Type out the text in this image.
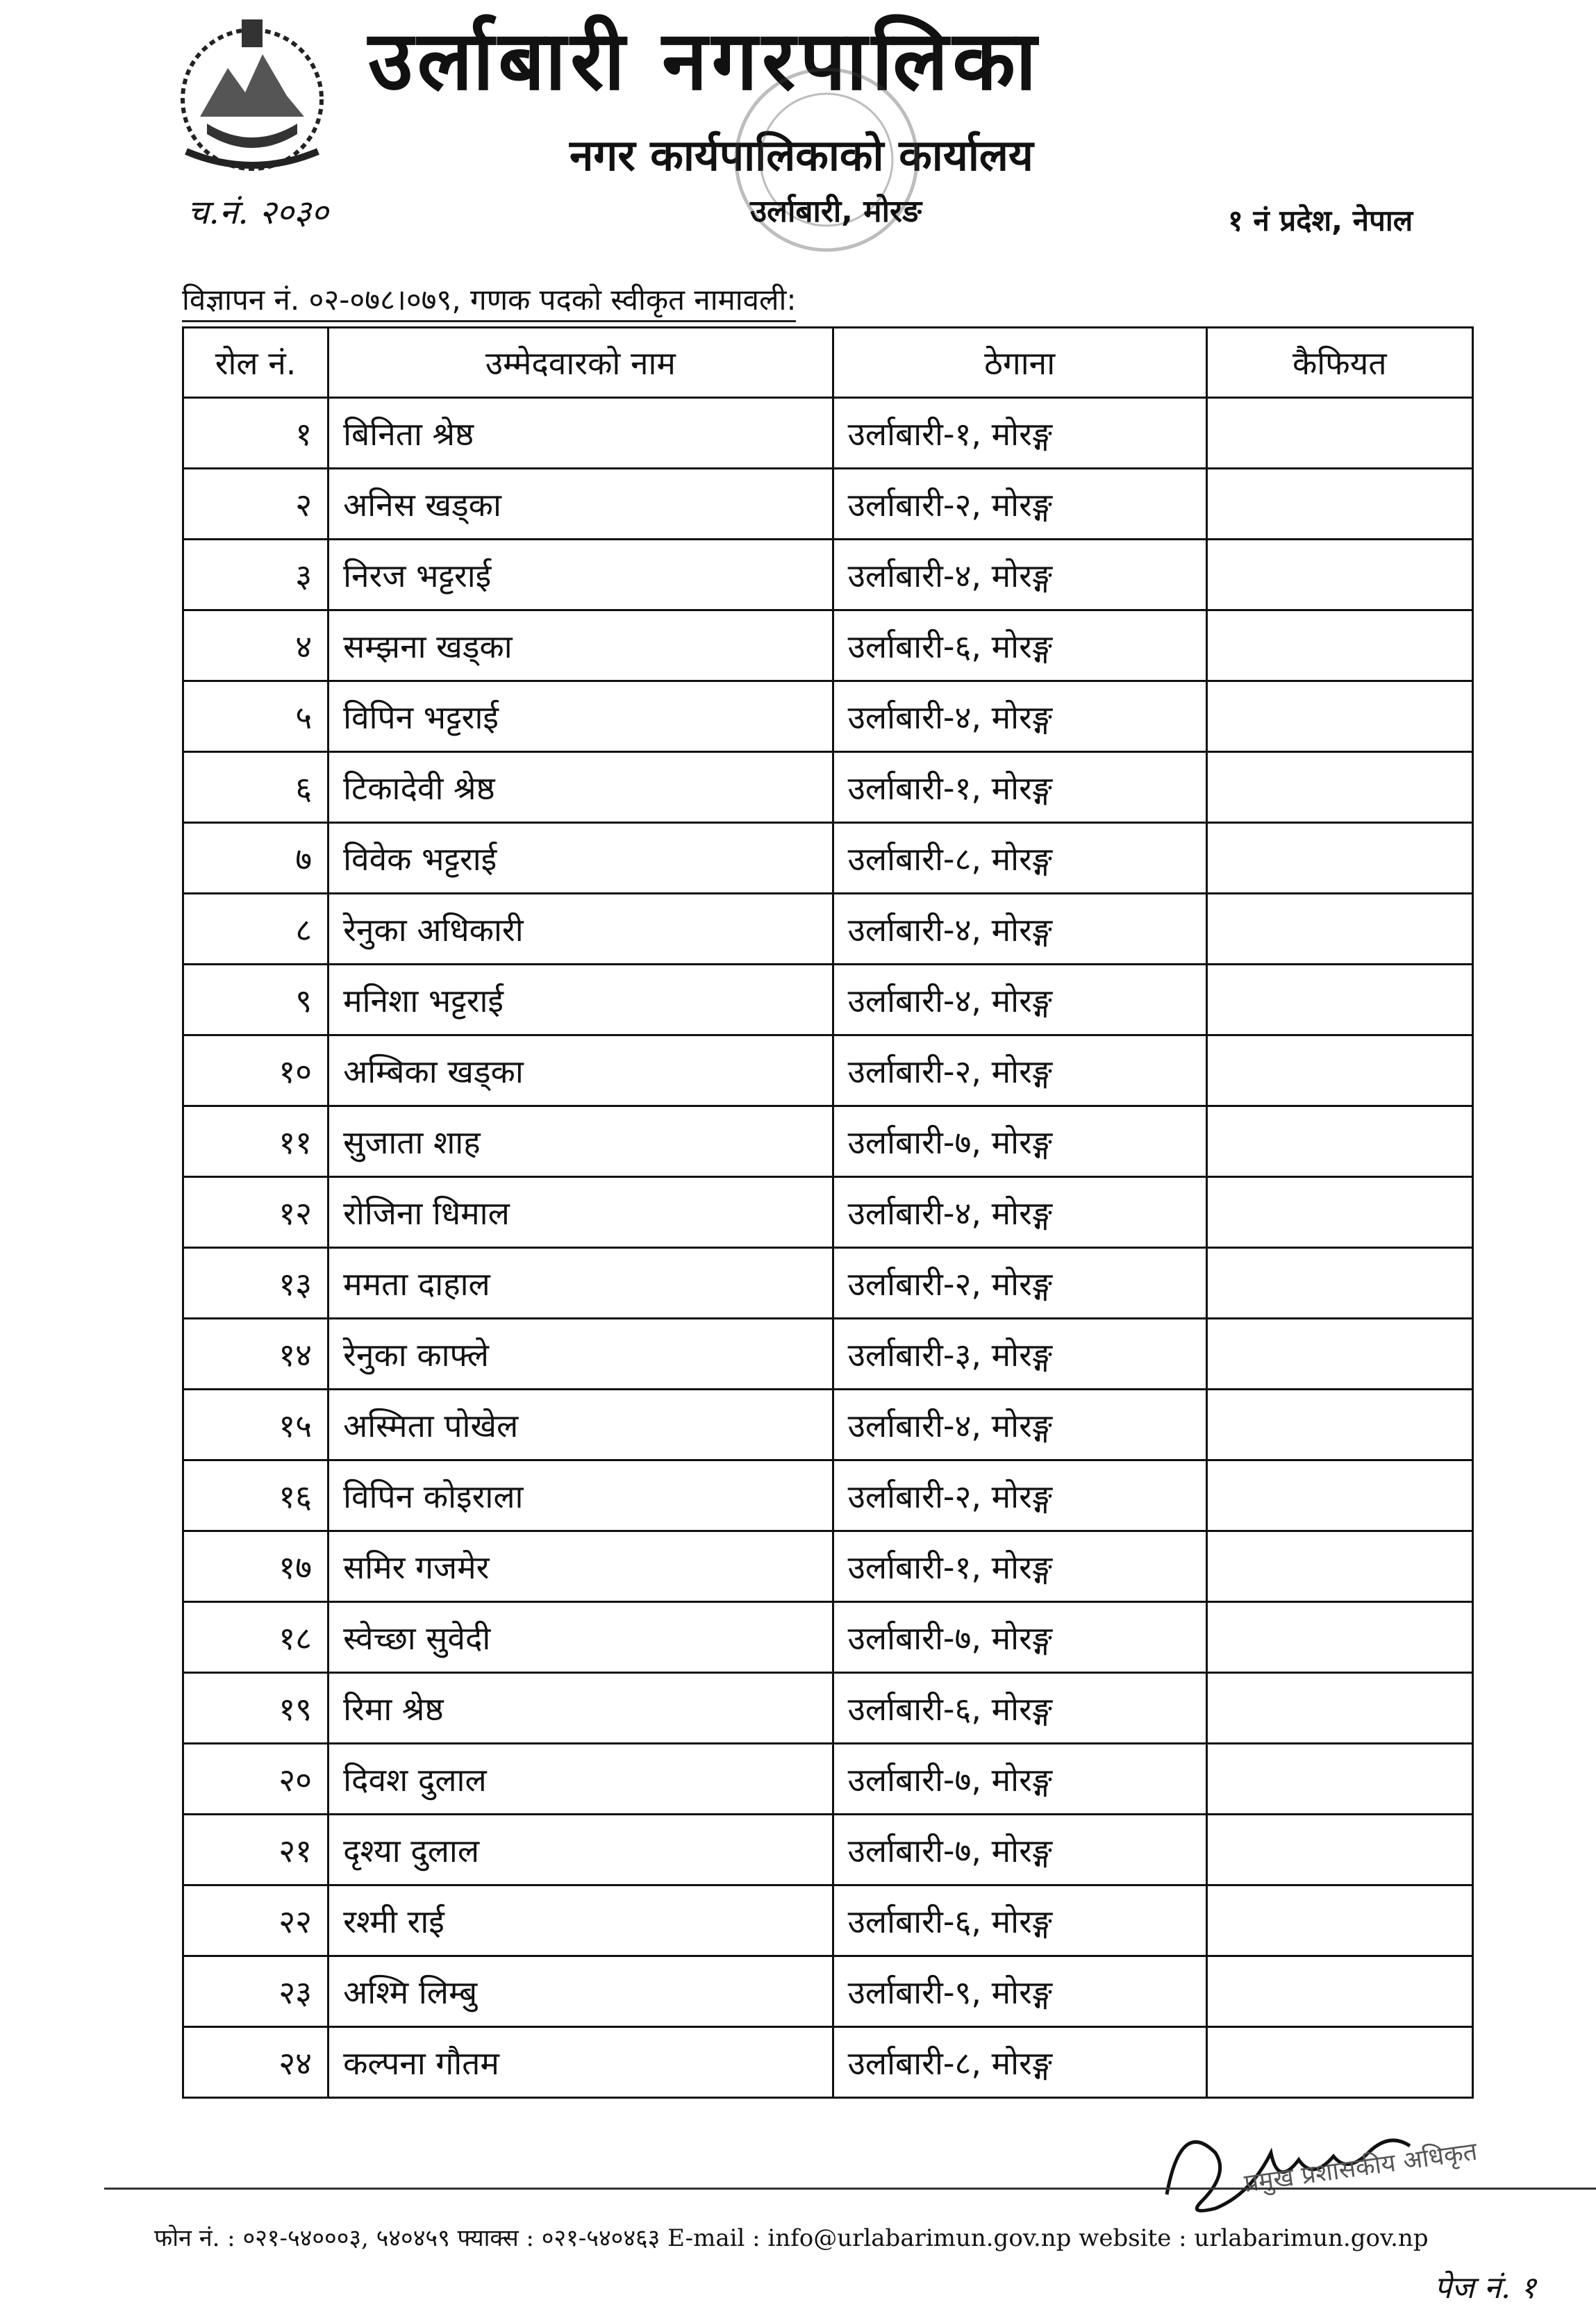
उर्लाबारी नगरपालिका
नगर कार्यपालिकाको कार्यालय
च.नं. २०३०	उर्लाबारी, मोरङ	१ नं प्रदेश, नेपाल
विज्ञापन नं. ०२-०७८।०७९, गणक पदको स्वीकृत नामावली:
रोल नं.	उम्मेदवारको नाम	ठेगाना	कैफियत
१	बिनिता श्रेष्ठ	उर्लाबारी-१, मोरङ्ग	
२	अनिस खड्का	उर्लाबारी-२, मोरङ्ग	
३	निरज भट्टराई	उर्लाबारी-४, मोरङ्ग	
४	सम्झना खड्का	उर्लाबारी-६, मोरङ्ग	
५	विपिन भट्टराई	उर्लाबारी-४, मोरङ्ग	
६	टिकादेवी श्रेष्ठ	उर्लाबारी-१, मोरङ्ग	
७	विवेक भट्टराई	उर्लाबारी-८, मोरङ्ग	
८	रेनुका अधिकारी	उर्लाबारी-४, मोरङ्ग	
९	मनिशा भट्टराई	उर्लाबारी-४, मोरङ्ग	
१०	अम्बिका खड्का	उर्लाबारी-२, मोरङ्ग	
११	सुजाता शाह	उर्लाबारी-७, मोरङ्ग	
१२	रोजिना धिमाल	उर्लाबारी-४, मोरङ्ग	
१३	ममता दाहाल	उर्लाबारी-२, मोरङ्ग	
१४	रेनुका काफ्ले	उर्लाबारी-३, मोरङ्ग	
१५	अस्मिता पोखेल	उर्लाबारी-४, मोरङ्ग	
१६	विपिन कोइराला	उर्लाबारी-२, मोरङ्ग	
१७	समिर गजमेर	उर्लाबारी-१, मोरङ्ग	
१८	स्वेच्छा सुवेदी	उर्लाबारी-७, मोरङ्ग	
१९	रिमा श्रेष्ठ	उर्लाबारी-६, मोरङ्ग	
२०	दिवश दुलाल	उर्लाबारी-७, मोरङ्ग	
२१	दृश्या दुलाल	उर्लाबारी-७, मोरङ्ग	
२२	रश्मी राई	उर्लाबारी-६, मोरङ्ग	
२३	अश्मि लिम्बु	उर्लाबारी-९, मोरङ्ग	
२४	कल्पना गौतम	उर्लाबारी-८, मोरङ्ग	
प्रमुख प्रशासकीय अधिकृत
फोन नं. : ०२१-५४०००३, ५४०४५९ फ्याक्स : ०२१-५४०४६३ E-mail : info@urlabarimun.gov.np website : urlabarimun.gov.np
पेज नं. १
